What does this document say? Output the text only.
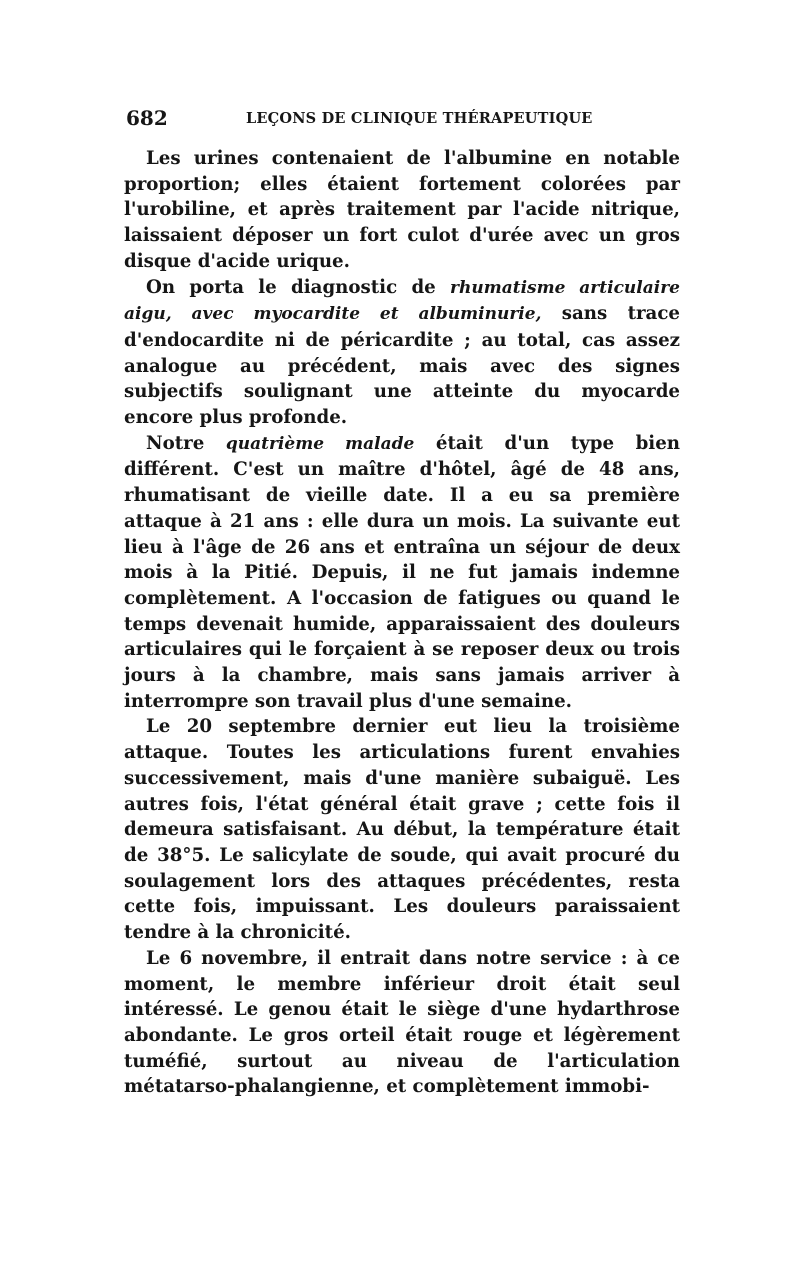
682	LEÇONS DE CLINIQUE THÉRAPEUTIQUE

Les urines contenaient de l'albumine en notable proportion; elles étaient fortement colorées par l'urobiline, et après traitement par l'acide nitrique, laissaient déposer un fort culot d'urée avec un gros disque d'acide urique.

On porta le diagnostic de rhumatisme articulaire aigu, avec myocardite et albuminurie, sans trace d'endocardite ni de péricardite ; au total, cas assez analogue au précédent, mais avec des signes subjectifs soulignant une atteinte du myocarde encore plus profonde.

Notre quatrième malade était d'un type bien différent. C'est un maître d'hôtel, âgé de 48 ans, rhumatisant de vieille date. Il a eu sa première attaque à 21 ans : elle dura un mois. La suivante eut lieu à l'âge de 26 ans et entraîna un séjour de deux mois à la Pitié. Depuis, il ne fut jamais indemne complètement. A l'occasion de fatigues ou quand le temps devenait humide, apparaissaient des douleurs articulaires qui le forçaient à se reposer deux ou trois jours à la chambre, mais sans jamais arriver à interrompre son travail plus d'une semaine.

Le 20 septembre dernier eut lieu la troisième attaque. Toutes les articulations furent envahies successivement, mais d'une manière subaiguë. Les autres fois, l'état général était grave ; cette fois il demeura satisfaisant. Au début, la température était de 38°5. Le salicylate de soude, qui avait procuré du soulagement lors des attaques précédentes, resta cette fois, impuissant. Les douleurs paraissaient tendre à la chronicité.

Le 6 novembre, il entrait dans notre service : à ce moment, le membre inférieur droit était seul intéressé. Le genou était le siège d'une hydarthrose abondante. Le gros orteil était rouge et légèrement tuméfié, surtout au niveau de l'articulation métatarso-phalangienne, et complètement immobi-
